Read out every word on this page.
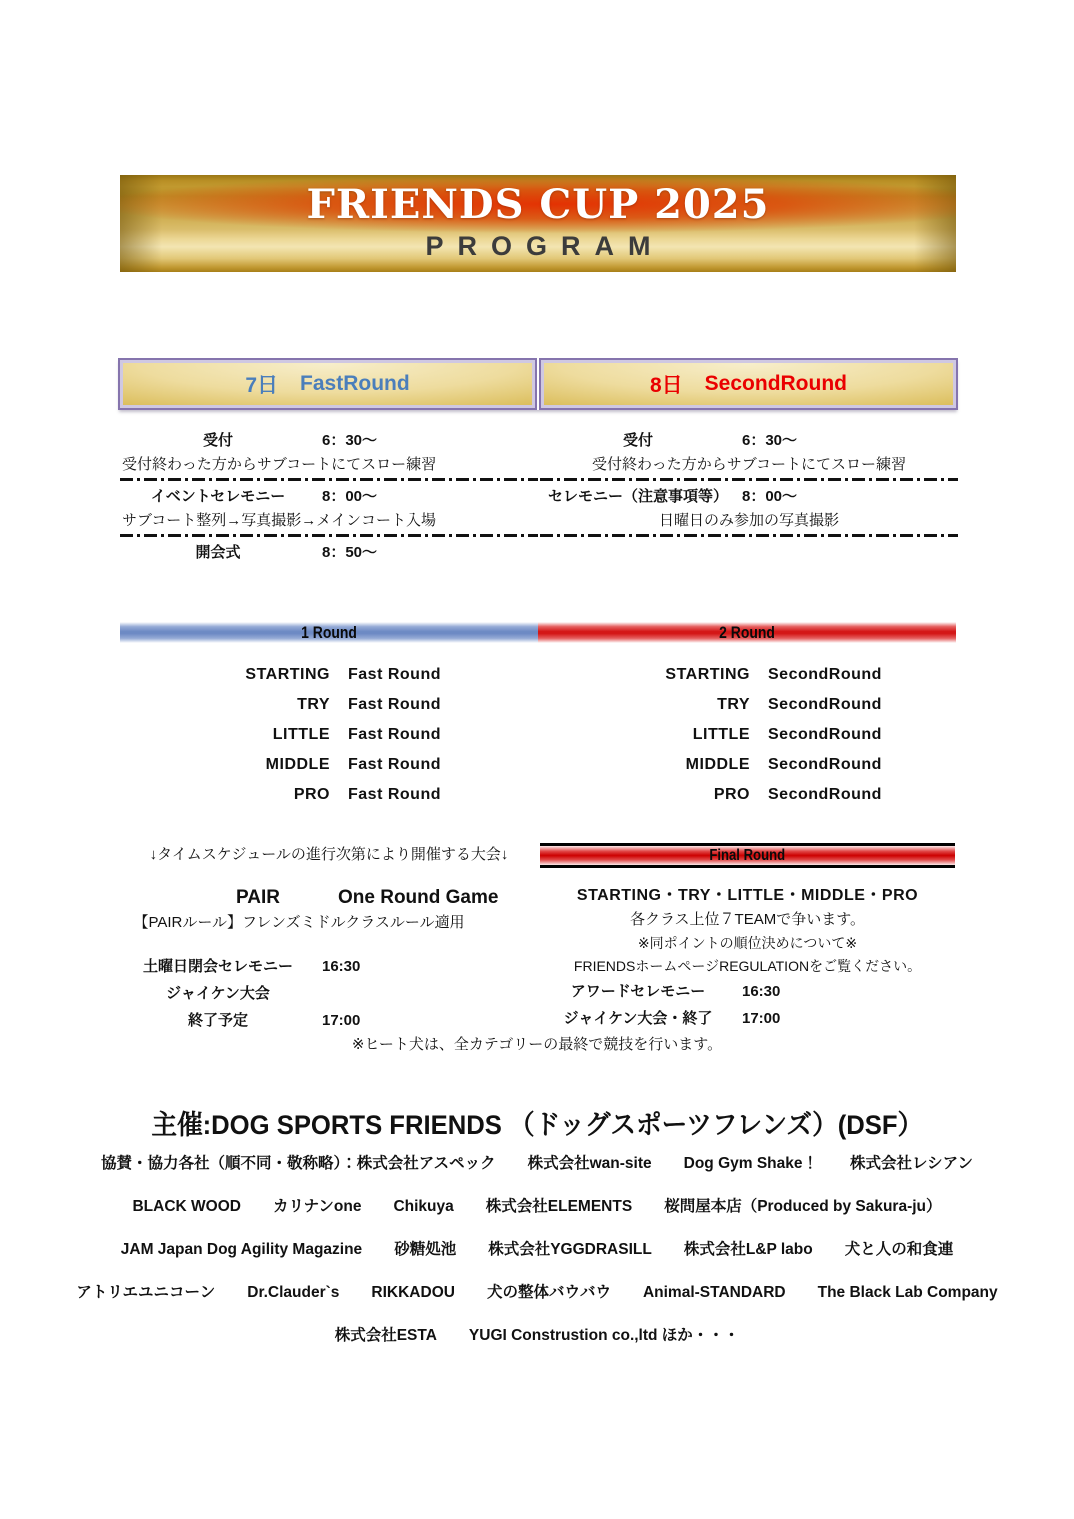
FRIENDS CUP 2025
PROGRAM
7日 FastRound	8日 SecondRound
受付	6：30～
受付終わった方からサブコートにてスロー練習
イベントセレモニー	8：00～
サブコート整列→写真撮影→メインコート入場
開会式	8：50～
受付	6：30～
受付終わった方からサブコートにてスロー練習
セレモニー（注意事項等） 8：00～
日曜日のみ参加の写真撮影
1 Round	2 Round
STARTING Fast Round
TRY Fast Round
LITTLE Fast Round
MIDDLE Fast Round
PRO Fast Round
STARTING SecondRound
TRY SecondRound
LITTLE SecondRound
MIDDLE SecondRound
PRO SecondRound
↓タイムスケジュールの進行次第により開催する大会↓
PAIR	One Round Game
【PAIRルール】フレンズミドルクラスルール適用
土曜日閉会セレモニー	16:30
ジャイケン大会
終了予定	17:00
Final Round
STARTING・TRY・LITTLE・MIDDLE・PRO
各クラス上位７TEAMで争います。
※同ポイントの順位決めについて※
FRIENDSホームページREGULATIONをご覧ください。
アワードセレモニー	16:30
ジャイケン大会・終了	17:00
※ヒート犬は、全カテゴリーの最終で競技を行います。
主催:DOG SPORTS FRIENDS （ドッグスポーツフレンズ）(DSF）
協賛・協力各社（順不同・敬称略）：株式会社アスペック 株式会社wan-site Dog Gym Shake！ 株式会社レシアン
BLACK WOOD カリナンone Chikuya 株式会社ELEMENTS 桜問屋本店（Produced by Sakura-ju）
JAM Japan Dog Agility Magazine 砂糖処池 株式会社YGGDRASILL 株式会社L&P labo 犬と人の和食連
アトリエユニコーン Dr.Clauder`s RIKKADOU 犬の整体バウバウ Animal-STANDARD The Black Lab Company
株式会社ESTA YUGI Construstion co.,ltd ほか・・・
